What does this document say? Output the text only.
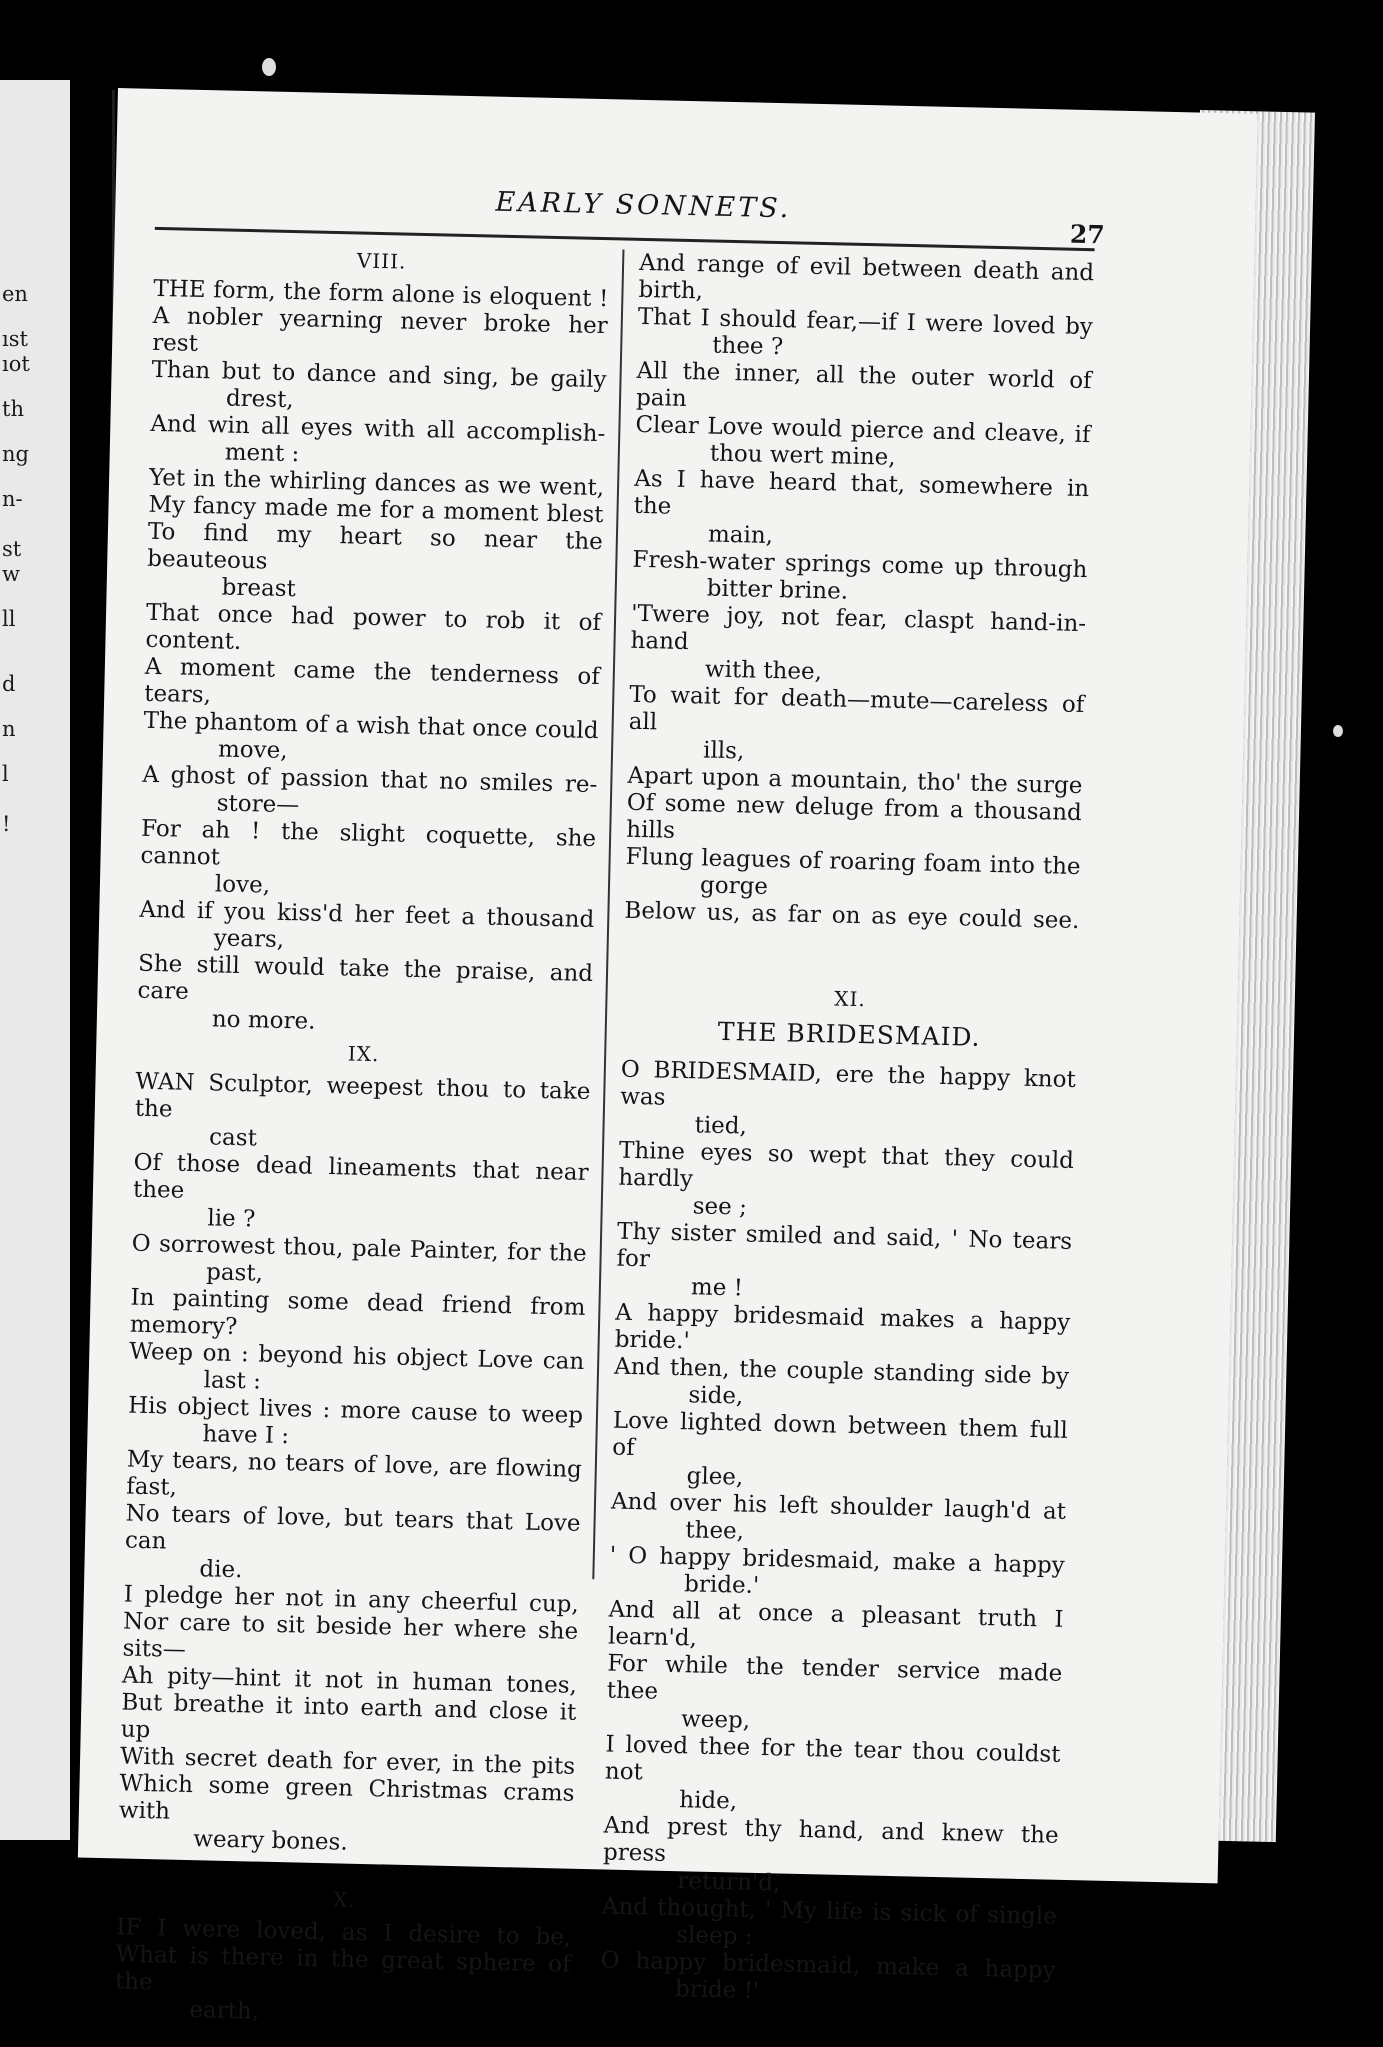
EARLY SONNETS.
27
VIII.
THE form, the form alone is eloquent !
A nobler yearning never broke her rest
Than but to dance and sing, be gaily
drest,
And win all eyes with all accomplish-
ment :
Yet in the whirling dances as we went,
My fancy made me for a moment blest
To find my heart so near the beauteous
breast
That once had power to rob it of content.
A moment came the tenderness of tears,
The phantom of a wish that once could
move,
A ghost of passion that no smiles re-
store—
For ah ! the slight coquette, she cannot
love,
And if you kiss'd her feet a thousand
years,
She still would take the praise, and care
no more.
IX.
WAN Sculptor, weepest thou to take the
cast
Of those dead lineaments that near thee
lie ?
O sorrowest thou, pale Painter, for the
past,
In painting some dead friend from memory?
Weep on : beyond his object Love can
last :
His object lives : more cause to weep
have I :
My tears, no tears of love, are flowing fast,
No tears of love, but tears that Love can
die.
I pledge her not in any cheerful cup,
Nor care to sit beside her where she sits—
Ah pity—hint it not in human tones,
But breathe it into earth and close it up
With secret death for ever, in the pits
Which some green Christmas crams with
weary bones.
X.
IF I were loved, as I desire to be,
What is there in the great sphere of the
earth,
And range of evil between death and birth,
That I should fear,—if I were loved by
thee ?
All the inner, all the outer world of pain
Clear Love would pierce and cleave, if
thou wert mine,
As I have heard that, somewhere in the
main,
Fresh-water springs come up through
bitter brine.
'Twere joy, not fear, claspt hand-in-hand
with thee,
To wait for death—mute—careless of all
ills,
Apart upon a mountain, tho' the surge
Of some new deluge from a thousand hills
Flung leagues of roaring foam into the
gorge
Below us, as far on as eye could see.
XI.
THE BRIDESMAID.
O BRIDESMAID, ere the happy knot was
tied,
Thine eyes so wept that they could hardly
see ;
Thy sister smiled and said, ' No tears for
me !
A happy bridesmaid makes a happy bride.'
And then, the couple standing side by
side,
Love lighted down between them full of
glee,
And over his left shoulder laugh'd at
thee,
' O happy bridesmaid, make a happy
bride.'
And all at once a pleasant truth I learn'd,
For while the tender service made thee
weep,
I loved thee for the tear thou couldst not
hide,
And prest thy hand, and knew the press
return'd,
And thought, ' My life is sick of single
sleep :
O happy bridesmaid, make a happy
bride !'
en
ıst
ıot
th
ng
n-
st
w
ll
d
n
l
!
